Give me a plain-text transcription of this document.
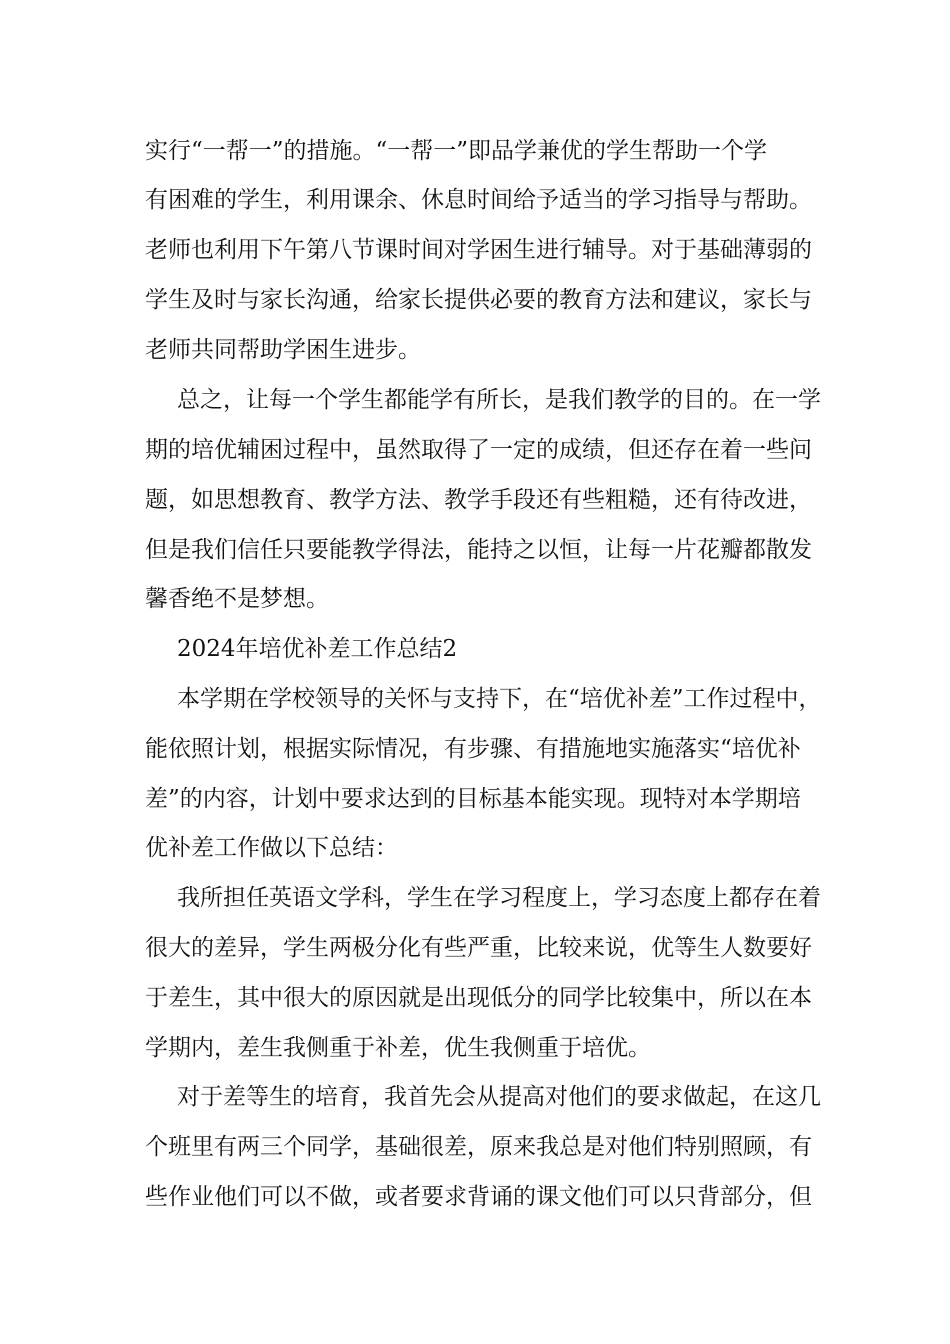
实行“一帮一”的措施。“一帮一”即品学兼优的学生帮助一个学

有困难的学生，利用课余、休息时间给予适当的学习指导与帮助。

老师也利用下午第八节课时间对学困生进行辅导。对于基础薄弱的

学生及时与家长沟通，给家长提供必要的教育方法和建议，家长与

老师共同帮助学困生进步。

总之，让每一个学生都能学有所长，是我们教学的目的。在一学

期的培优辅困过程中，虽然取得了一定的成绩，但还存在着一些问

题，如思想教育、教学方法、教学手段还有些粗糙，还有待改进，

但是我们信任只要能教学得法，能持之以恒，让每一片花瓣都散发

馨香绝不是梦想。

2024年培优补差工作总结2

本学期在学校领导的关怀与支持下，在“培优补差”工作过程中，

能依照计划，根据实际情况，有步骤、有措施地实施落实“培优补

差”的内容，计划中要求达到的目标基本能实现。现特对本学期培

优补差工作做以下总结：

我所担任英语文学科，学生在学习程度上，学习态度上都存在着

很大的差异，学生两极分化有些严重，比较来说，优等生人数要好

于差生，其中很大的原因就是出现低分的同学比较集中，所以在本

学期内，差生我侧重于补差，优生我侧重于培优。

对于差等生的培育，我首先会从提高对他们的要求做起，在这几

个班里有两三个同学，基础很差，原来我总是对他们特别照顾，有

些作业他们可以不做，或者要求背诵的课文他们可以只背部分，但
